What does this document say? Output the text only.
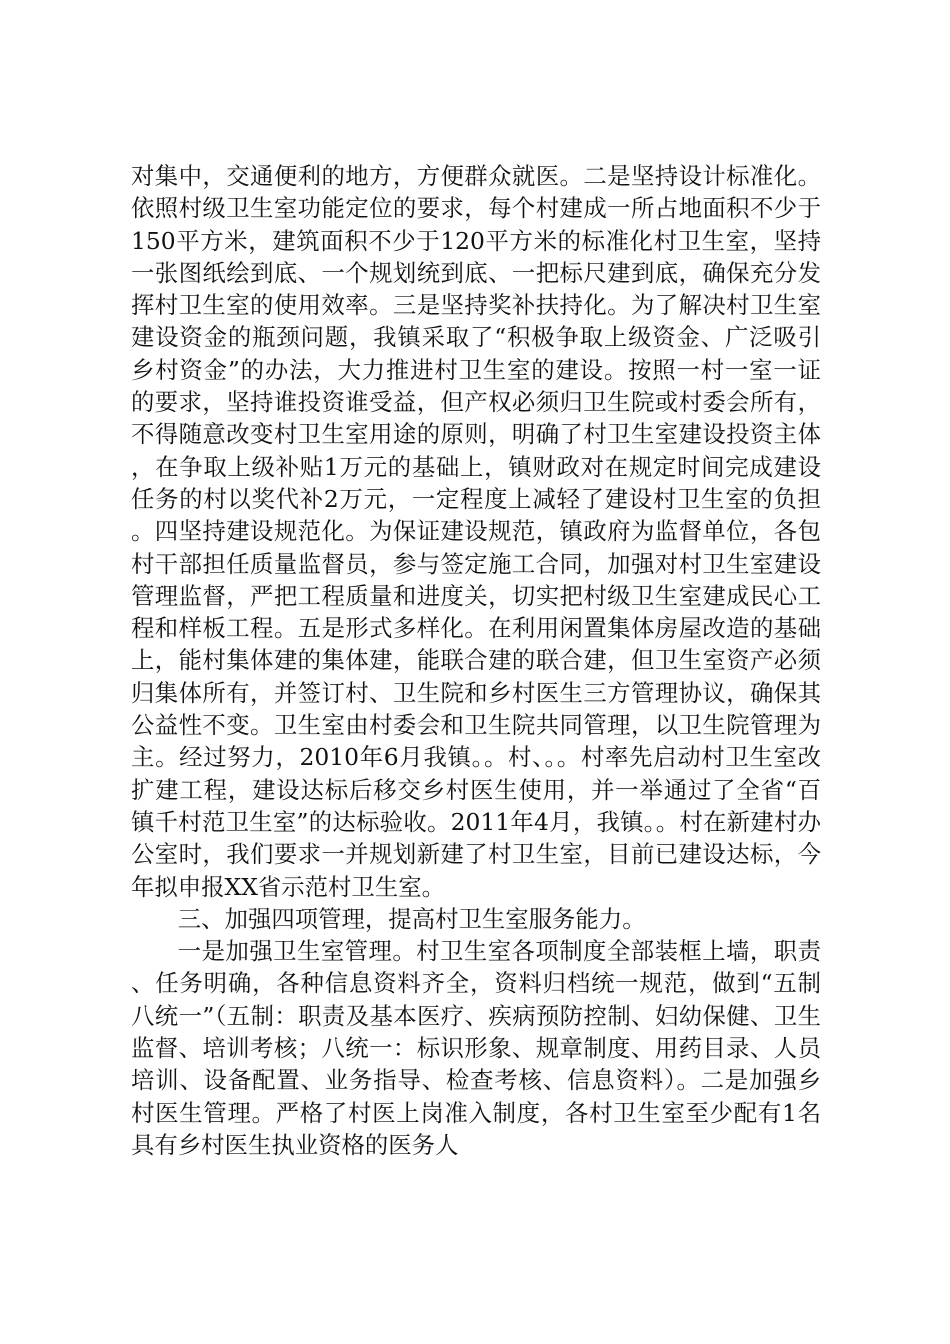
对集中，交通便利的地方，方便群众就医。二是坚持设计标准化。依照村级卫生室功能定位的要求，每个村建成一所占地面积不少于150平方米，建筑面积不少于120平方米的标准化村卫生室，坚持一张图纸绘到底、一个规划统到底、一把标尺建到底，确保充分发挥村卫生室的使用效率。三是坚持奖补扶持化。为了解决村卫生室建设资金的瓶颈问题，我镇采取了“积极争取上级资金、广泛吸引乡村资金”的办法，大力推进村卫生室的建设。按照一村一室一证的要求，坚持谁投资谁受益，但产权必须归卫生院或村委会所有，不得随意改变村卫生室用途的原则，明确了村卫生室建设投资主体，在争取上级补贴1万元的基础上，镇财政对在规定时间完成建设任务的村以奖代补2万元，一定程度上减轻了建设村卫生室的负担。四坚持建设规范化。为保证建设规范，镇政府为监督单位，各包村干部担任质量监督员，参与签定施工合同，加强对村卫生室建设管理监督，严把工程质量和进度关，切实把村级卫生室建成民心工程和样板工程。五是形式多样化。在利用闲置集体房屋改造的基础上，能村集体建的集体建，能联合建的联合建，但卫生室资产必须归集体所有，并签订村、卫生院和乡村医生三方管理协议，确保其公益性不变。卫生室由村委会和卫生院共同管理，以卫生院管理为主。经过努力，2010年6月我镇。。村、。。村率先启动村卫生室改扩建工程，建设达标后移交乡村医生使用，并一举通过了全省“百镇千村范卫生室”的达标验收。2011年4月，我镇。。村在新建村办公室时，我们要求一并规划新建了村卫生室，目前已建设达标，今年拟申报XX省示范村卫生室。

三、加强四项管理，提高村卫生室服务能力。

一是加强卫生室管理。村卫生室各项制度全部装框上墙，职责、任务明确，各种信息资料齐全，资料归档统一规范，做到“五制八统一”（五制：职责及基本医疗、疾病预防控制、妇幼保健、卫生监督、培训考核；八统一：标识形象、规章制度、用药目录、人员培训、设备配置、业务指导、检查考核、信息资料）。二是加强乡村医生管理。严格了村医上岗准入制度，各村卫生室至少配有1名具有乡村医生执业资格的医务人
